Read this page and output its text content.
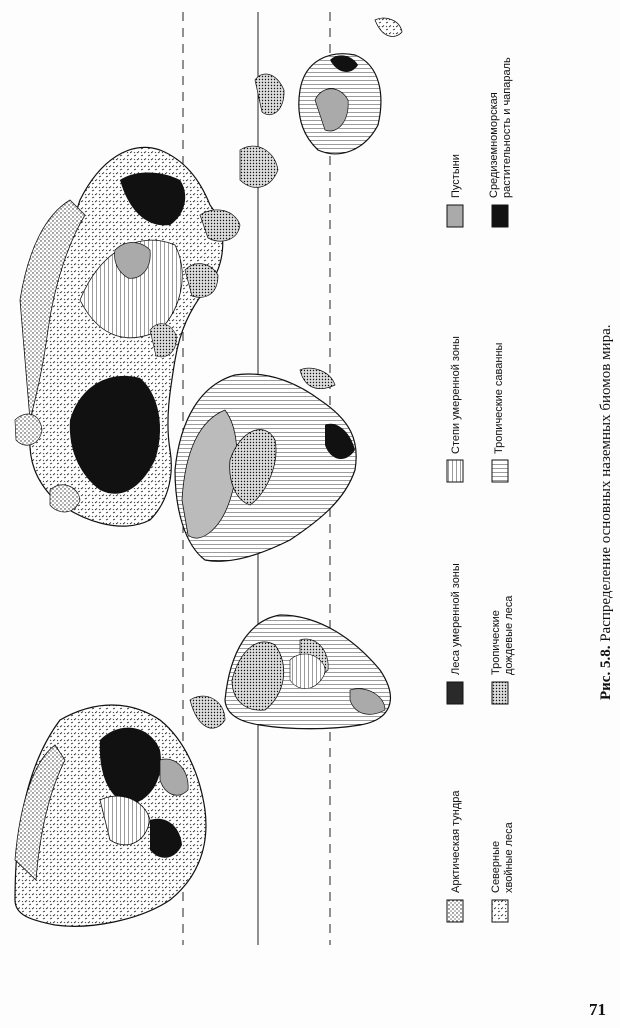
Арктическая тундра	Северные хвойные леса
Леса умеренной зоны	Тропические дождевые леса
Степи умеренной зоны	Тропические саванны
Пустыни Средиземноморская растительность и чапараль
Рис. 5.8. Распределение основных наземных биомов мира.
71
